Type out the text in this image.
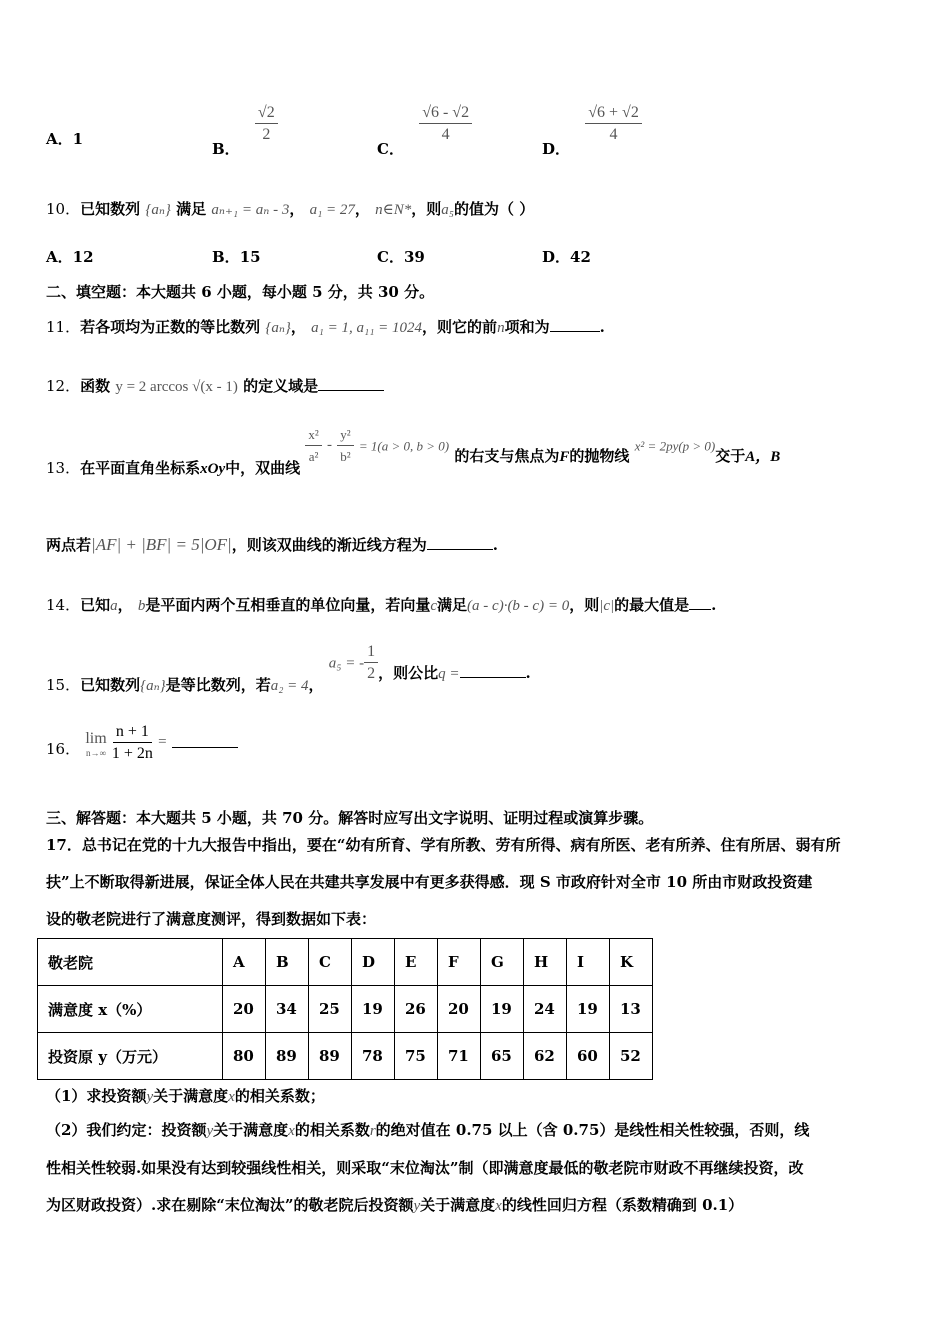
A．1
B．
$\frac{√2}{2}$
C．
$\frac{√6 - √2}{4}$
D．
$\frac{√6 + √2}{4}$
10．已知数列 {aₙ} 满足 aₙ₊₁ = aₙ - 3， a₁ = 27， n∈N*，则a₅的值为（ ）
A．12	B．15	C．39	D．42
二、填空题：本大题共 6 小题，每小题 5 分，共 30 分。
11．若各项均为正数的等比数列 {aₙ}， a₁ = 1, a₁₁ = 1024，则它的前n项和为	.
12．函数 y = 2 arccos √(x - 1) 的定义域是
13．在平面直角坐标系xOy中，双曲线 $\frac{\text{x²}}{\text{a²}} - \frac{\text{y²}}{\text{b²}} = 1(a > 0$, b > 0) 的右支与焦点为F的抛物线 x² = 2py(p > 0)交于A，B
两点若|AF| + |BF| = 5|OF|，则该双曲线的渐近线方程为	.
14．已知a， b是平面内两个互相垂直的单位向量，若向量c满足(a - c)·(b - c) = 0，则|c|的最大值是 .
15．已知数列{aₙ}是等比数列，若a₂ = 4， a₅ = - $\frac{1}{2}$ ，则公比q =	.
16．
lim
n→∞
$\frac{n + 1}{1 + 2n}$ =
三、解答题：本大题共 5 小题，共 70 分。解答时应写出文字说明、证明过程或演算步骤。
17．总书记在党的十九大报告中指出，要在“幼有所育、学有所教、劳有所得、病有所医、老有所养、住有所居、弱有所
扶”上不断取得新进展，保证全体人民在共建共享发展中有更多获得感．现 S 市政府针对全市 10 所由市财政投资建
设的敬老院进行了满意度测评，得到数据如下表：
敬老院	A	B	C	D	E	F	G	H	I	K
满意度 x（%）	20	34	25	19	26	20	19	24	19	13
投资原 y（万元）	80	89	89	78	75	71	65	62	60	52
（1）求投资额y关于满意度x的相关系数；
（2）我们约定：投资额y关于满意度x的相关系数r的绝对值在 0.75 以上（含 0.75）是线性相关性较强，否则，线
性相关性较弱.如果没有达到较强线性相关，则采取“末位淘汰”制（即满意度最低的敬老院市财政不再继续投资，改
为区财政投资）.求在剔除“末位淘汰”的敬老院后投资额y关于满意度x的线性回归方程（系数精确到 0.1）
